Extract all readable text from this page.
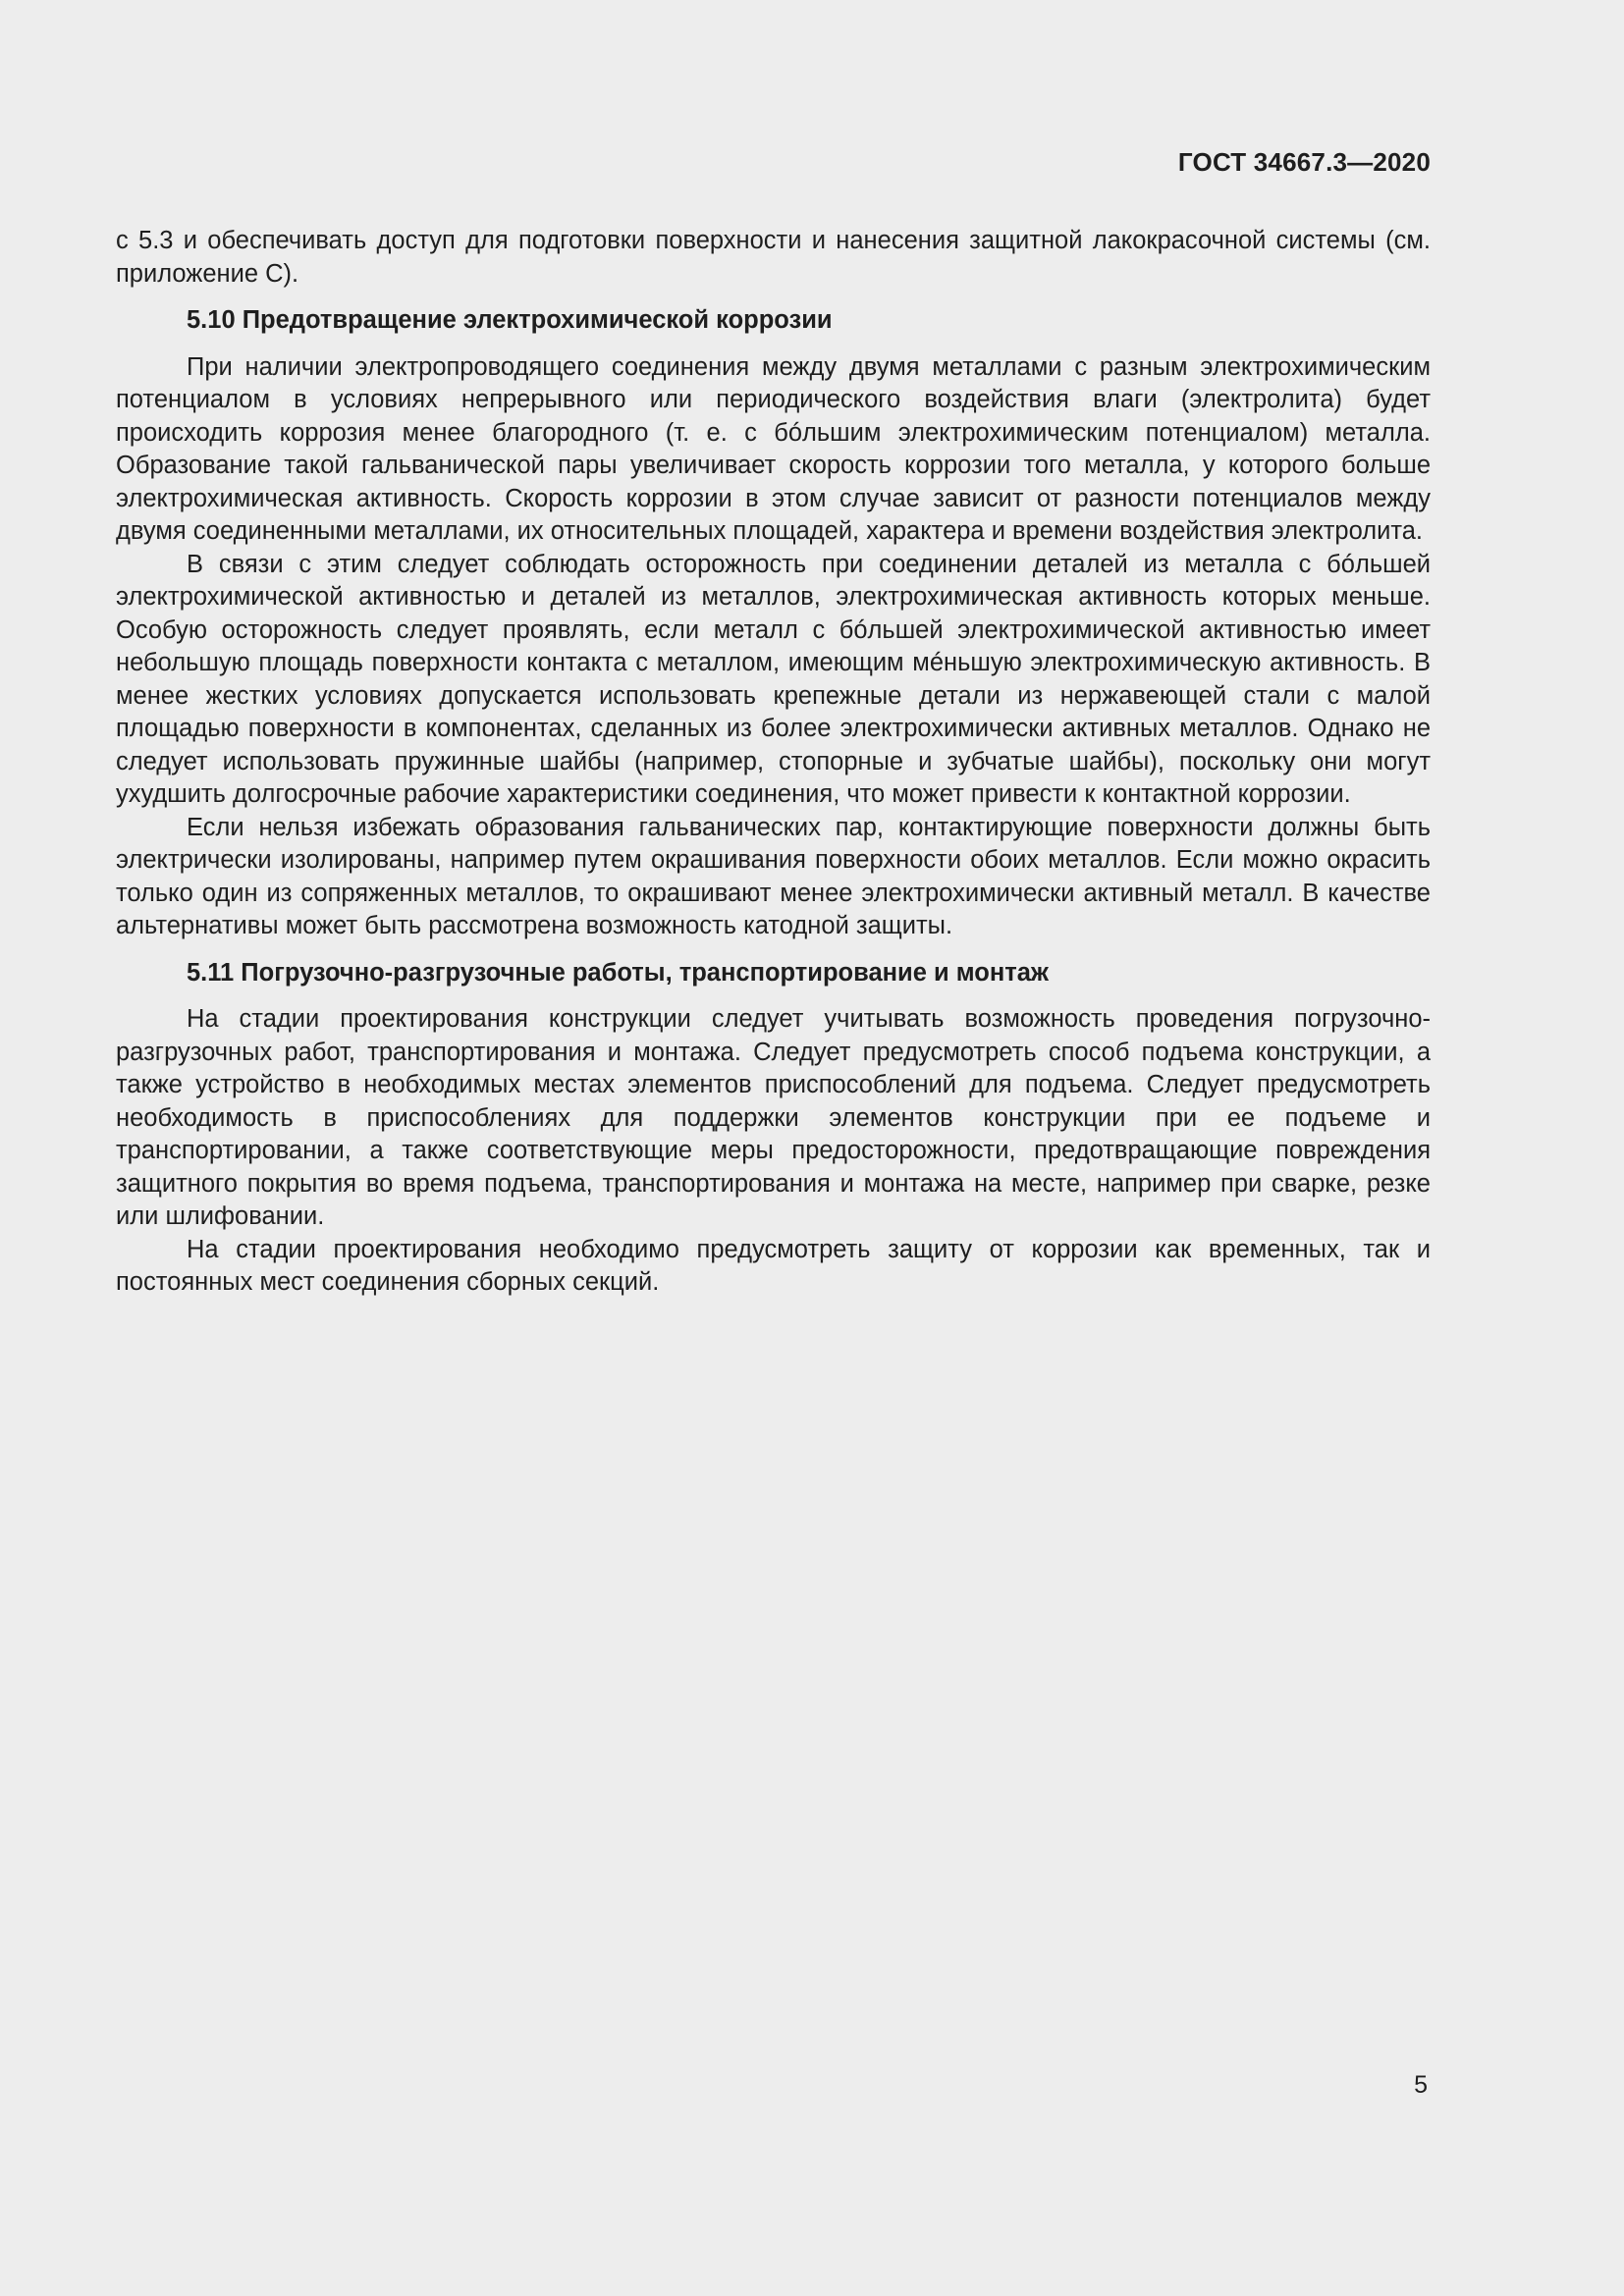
ГОСТ 34667.3—2020

с 5.3 и обеспечивать доступ для подготовки поверхности и нанесения защитной лакокрасочной системы (см. приложение С).

5.10 Предотвращение электрохимической коррозии

При наличии электропроводящего соединения между двумя металлами с разным электрохимическим потенциалом в условиях непрерывного или периодического воздействия влаги (электролита) будет происходить коррозия менее благородного (т. е. с бóльшим электрохимическим потенциалом) металла. Образование такой гальванической пары увеличивает скорость коррозии того металла, у которого больше электрохимическая активность. Скорость коррозии в этом случае зависит от разности потенциалов между двумя соединенными металлами, их относительных площадей, характера и времени воздействия электролита.

В связи с этим следует соблюдать осторожность при соединении деталей из металла с бóльшей электрохимической активностью и деталей из металлов, электрохимическая активность которых меньше. Особую осторожность следует проявлять, если металл с бóльшей электрохимической активностью имеет небольшую площадь поверхности контакта с металлом, имеющим мéньшую электрохимическую активность. В менее жестких условиях допускается использовать крепежные детали из нержавеющей стали с малой площадью поверхности в компонентах, сделанных из более электрохимически активных металлов. Однако не следует использовать пружинные шайбы (например, стопорные и зубчатые шайбы), поскольку они могут ухудшить долгосрочные рабочие характеристики соединения, что может привести к контактной коррозии.

Если нельзя избежать образования гальванических пар, контактирующие поверхности должны быть электрически изолированы, например путем окрашивания поверхности обоих металлов. Если можно окрасить только один из сопряженных металлов, то окрашивают менее электрохимически активный металл. В качестве альтернативы может быть рассмотрена возможность катодной защиты.

5.11 Погрузочно-разгрузочные работы, транспортирование и монтаж

На стадии проектирования конструкции следует учитывать возможность проведения погрузочно-разгрузочных работ, транспортирования и монтажа. Следует предусмотреть способ подъема конструкции, а также устройство в необходимых местах элементов приспособлений для подъема. Следует предусмотреть необходимость в приспособлениях для поддержки элементов конструкции при ее подъеме и транспортировании, а также соответствующие меры предосторожности, предотвращающие повреждения защитного покрытия во время подъема, транспортирования и монтажа на месте, например при сварке, резке или шлифовании.

На стадии проектирования необходимо предусмотреть защиту от коррозии как временных, так и постоянных мест соединения сборных секций.

5
